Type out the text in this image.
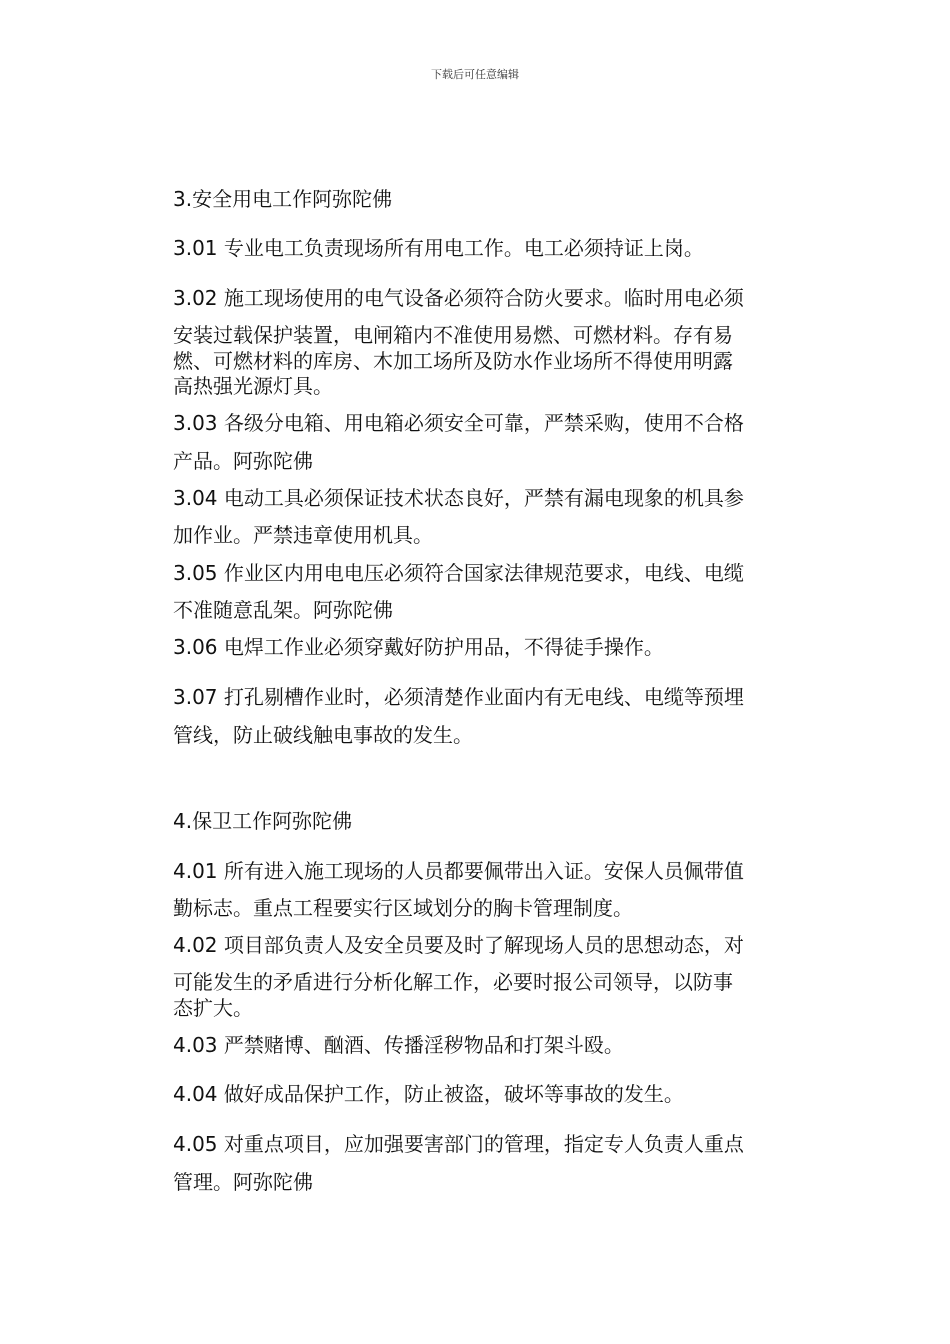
下载后可任意编辑
3.安全用电工作阿弥陀佛
3.01 专业电工负责现场所有用电工作。电工必须持证上岗。
3.02 施工现场使用的电气设备必须符合防火要求。临时用电必须
安装过载保护装置，电闸箱内不准使用易燃、可燃材料。存有易
燃、可燃材料的库房、木加工场所及防水作业场所不得使用明露
高热强光源灯具。
3.03 各级分电箱、用电箱必须安全可靠，严禁采购，使用不合格
产品。阿弥陀佛
3.04 电动工具必须保证技术状态良好，严禁有漏电现象的机具参
加作业。严禁违章使用机具。
3.05 作业区内用电电压必须符合国家法律规范要求，电线、电缆
不准随意乱架。阿弥陀佛
3.06 电焊工作业必须穿戴好防护用品，不得徒手操作。
3.07 打孔剔槽作业时，必须清楚作业面内有无电线、电缆等预埋
管线，防止破线触电事故的发生。
4.保卫工作阿弥陀佛
4.01 所有进入施工现场的人员都要佩带出入证。安保人员佩带值
勤标志。重点工程要实行区域划分的胸卡管理制度。
4.02 项目部负责人及安全员要及时了解现场人员的思想动态，对
可能发生的矛盾进行分析化解工作，必要时报公司领导，以防事
态扩大。
4.03 严禁赌博、酗酒、传播淫秽物品和打架斗殴。
4.04 做好成品保护工作，防止被盗，破坏等事故的发生。
4.05 对重点项目，应加强要害部门的管理，指定专人负责人重点
管理。阿弥陀佛
